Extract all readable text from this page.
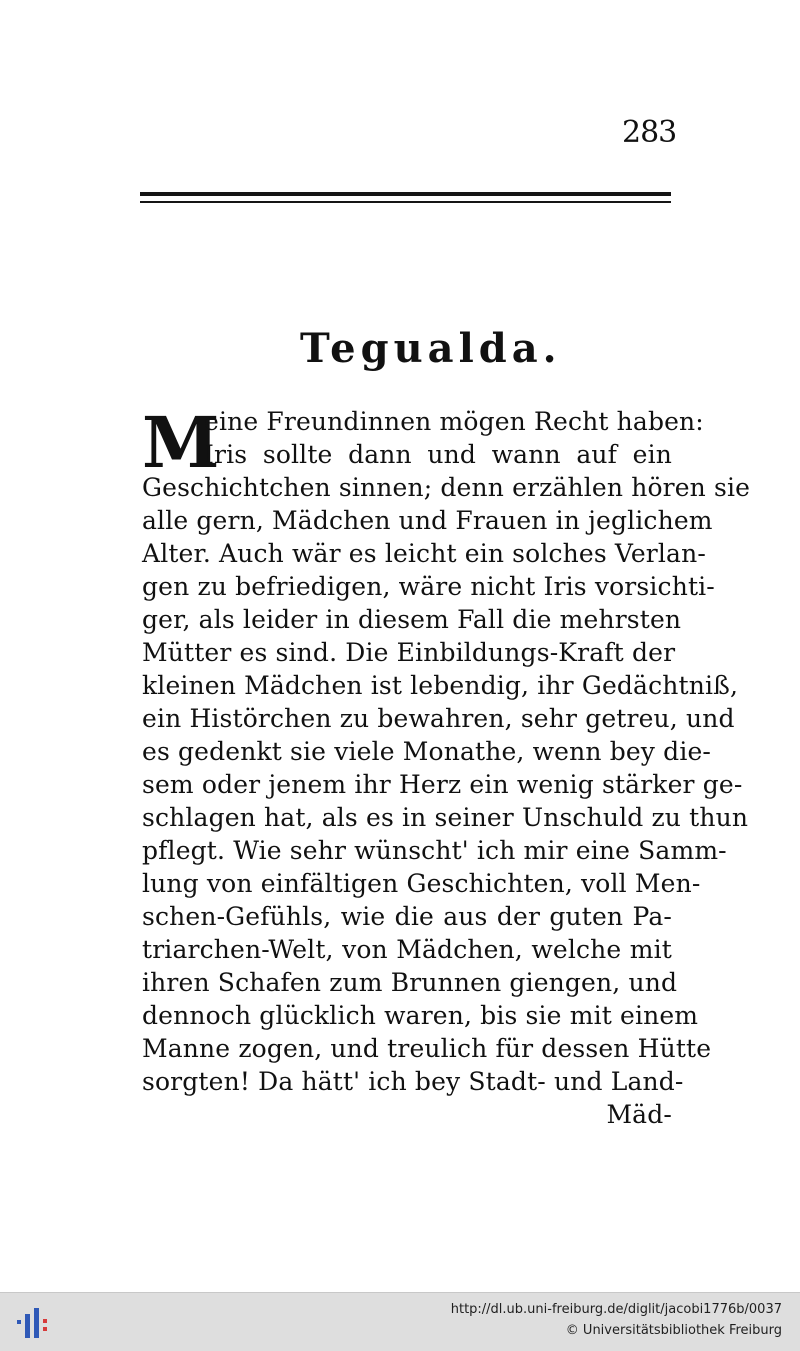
283
Tegualda.
M
eine Freundinnen mögen Recht haben:
Iris sollte dann und wann auf ein
Geschichtchen sinnen; denn erzählen hören sie
alle gern, Mädchen und Frauen in jeglichem
Alter. Auch wär es leicht ein solches Verlan-
gen zu befriedigen, wäre nicht Iris vorsichti-
ger, als leider in diesem Fall die mehrsten
Mütter es sind. Die Einbildungs-Kraft der
kleinen Mädchen ist lebendig, ihr Gedächtniß,
ein Histörchen zu bewahren, sehr getreu, und
es gedenkt sie viele Monathe, wenn bey die-
sem oder jenem ihr Herz ein wenig stärker ge-
schlagen hat, als es in seiner Unschuld zu thun
pflegt. Wie sehr wünscht' ich mir eine Samm-
lung von einfältigen Geschichten, voll Men-
schen-Gefühls, wie die aus der guten Pa-
triarchen-Welt, von Mädchen, welche mit
ihren Schafen zum Brunnen giengen, und
dennoch glücklich waren, bis sie mit einem
Manne zogen, und treulich für dessen Hütte
sorgten! Da hätt' ich bey Stadt- und Land-
Mäd-
http://dl.ub.uni-freiburg.de/diglit/jacobi1776b/0037
© Universitätsbibliothek Freiburg
